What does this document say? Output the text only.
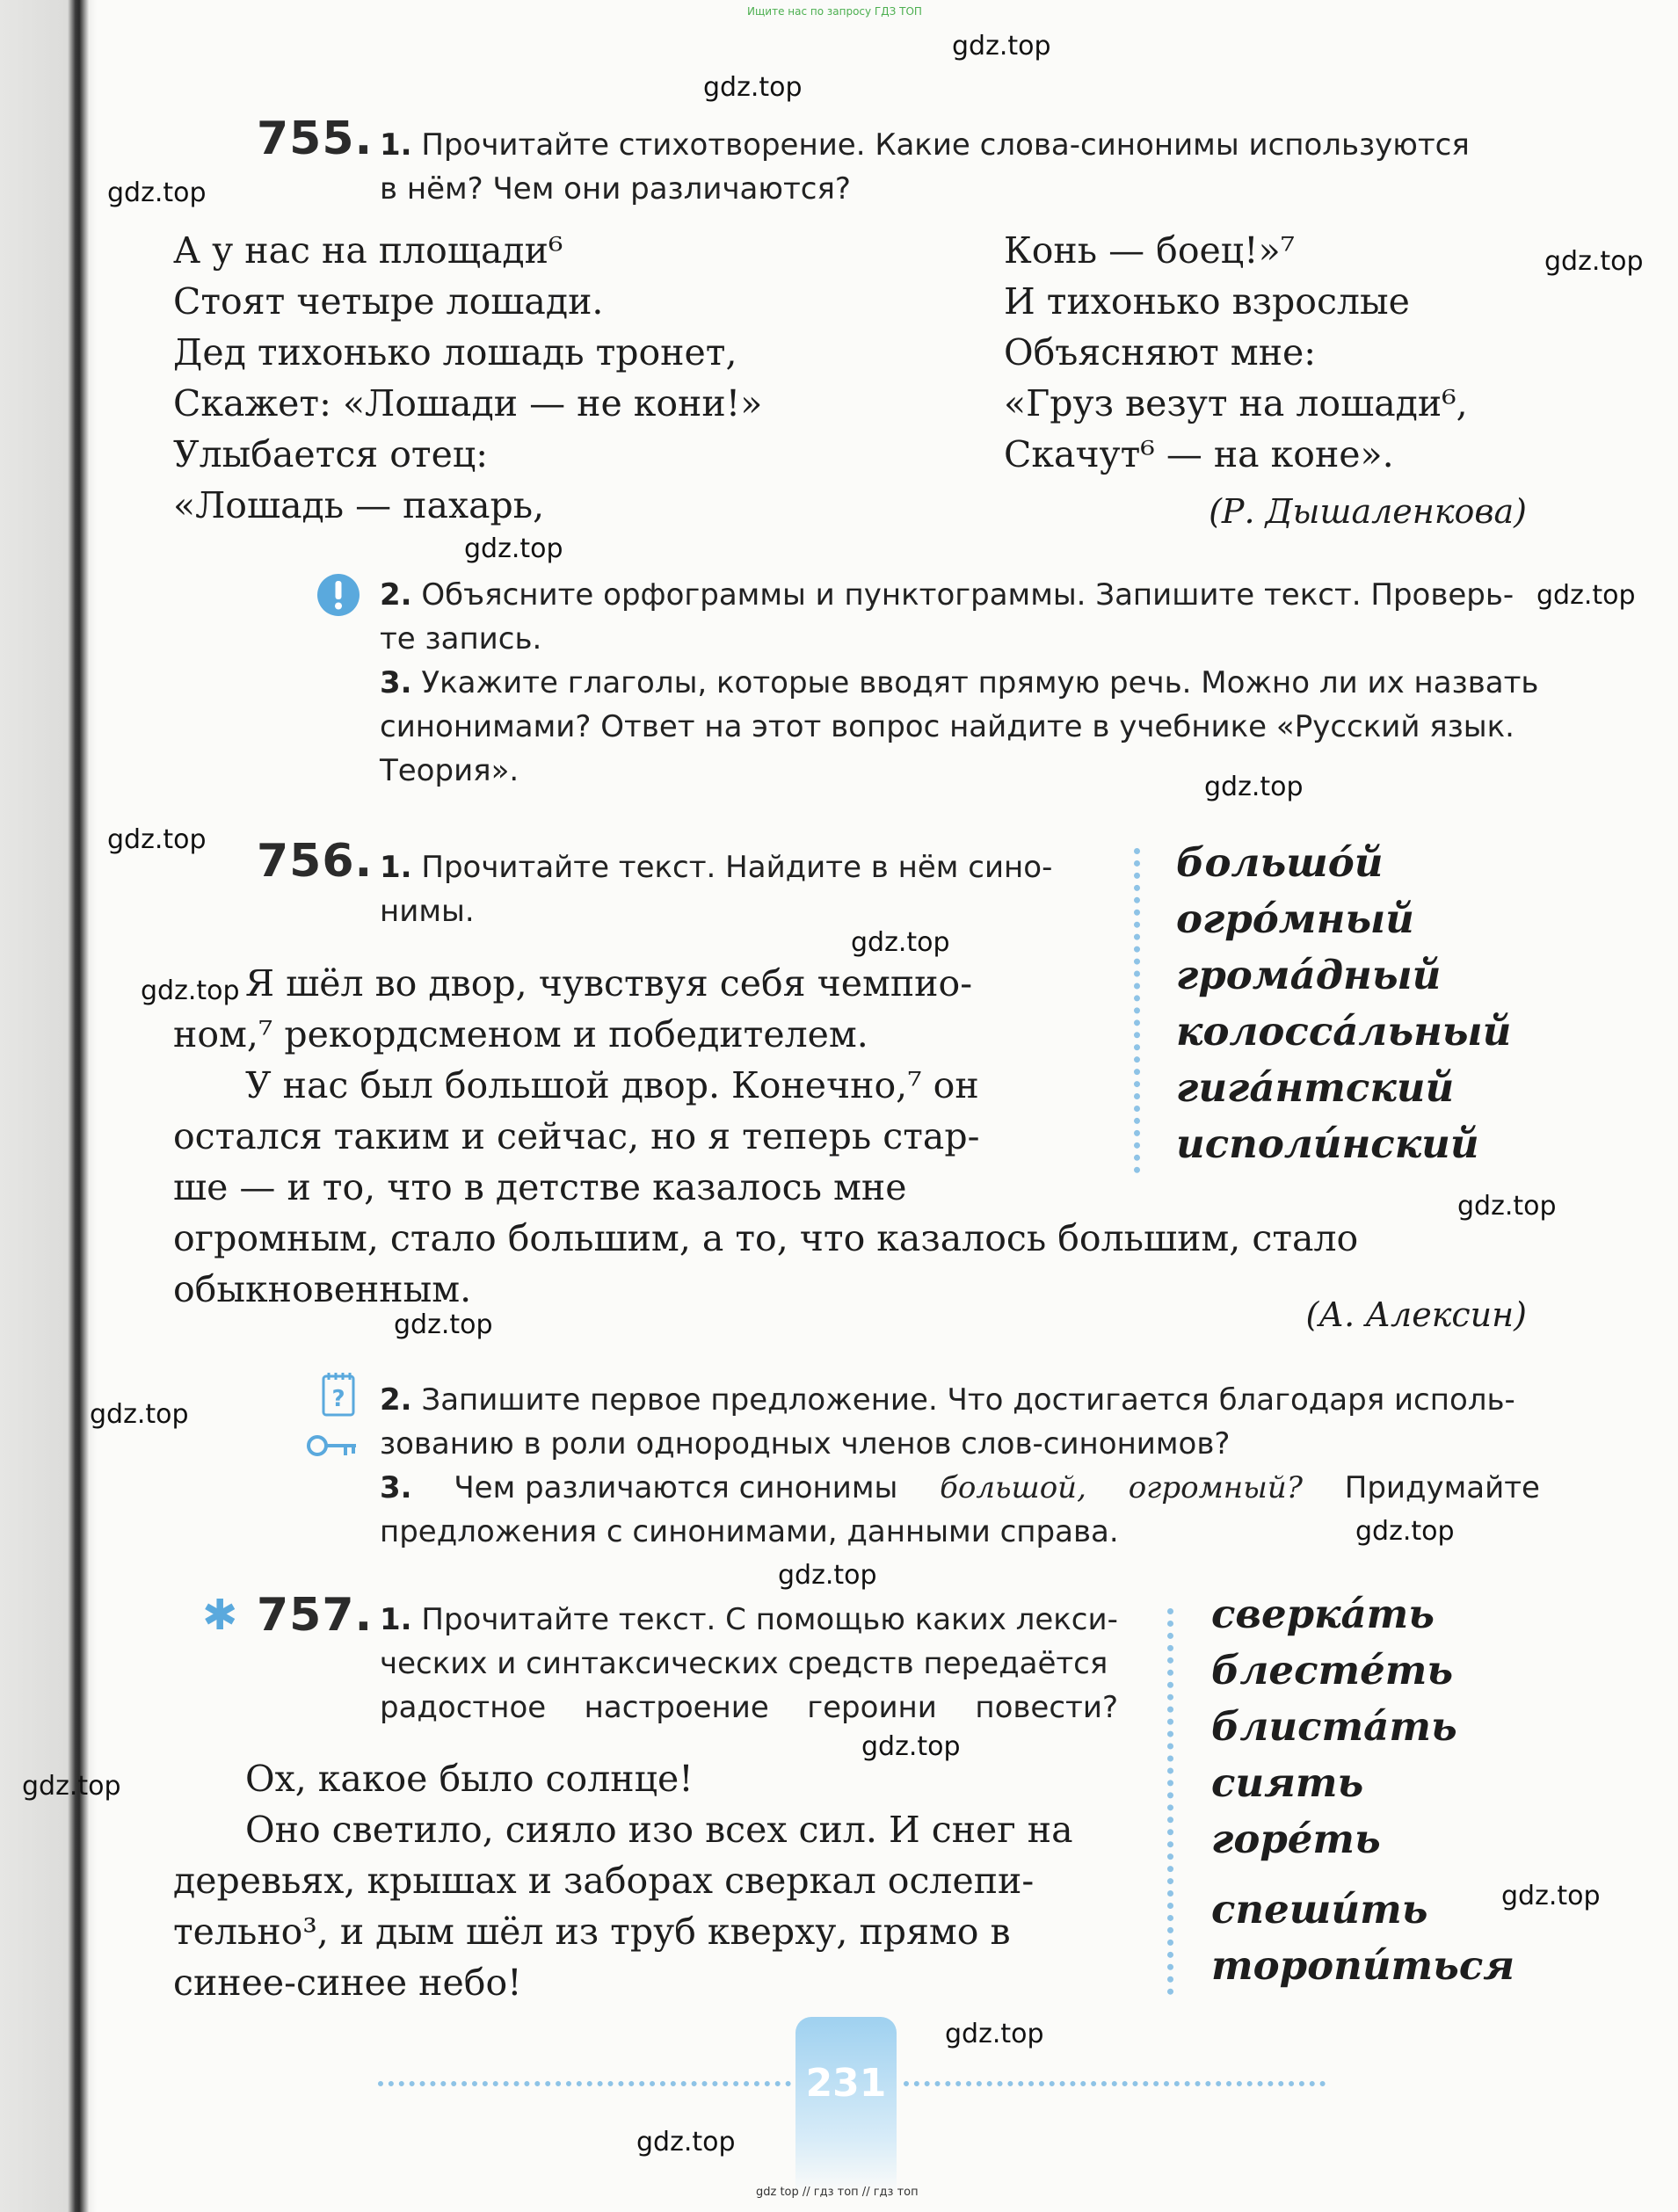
Ищите нас по запросу ГДЗ ТОП
gdz.top
gdz.top
gdz.top
gdz.top
gdz.top
gdz.top
gdz.top
gdz.top
gdz.top
gdz.top
gdz.top
gdz.top
gdz.top
gdz.top
gdz.top
gdz.top
gdz.top
gdz.top
gdz.top
gdz.top
755. 1. Прочитайте стихотворение. Какие слова-синонимы используются
в нём? Чем они различаются?
А у нас на площади⁶
Стоят четыре лошади.
Дед тихонько лошадь тронет,
Скажет: «Лошади — не кони!»
Улыбается отец:
«Лошадь — пахарь,
Конь — боец!»⁷
И тихонько взрослые
Объясняют мне:
«Груз везут на лошади⁶,
Скачут⁶ — на коне».
(Р. Дышаленкова)
2. Объясните орфограммы и пунктограммы. Запишите текст. Проверь-
те запись.
3. Укажите глаголы, которые вводят прямую речь. Можно ли их назвать
синонимами? Ответ на этот вопрос найдите в учебнике «Русский язык.
Теория».
756. 1. Прочитайте текст. Найдите в нём сино-
нимы.
большóй
огрóмный
громáдный
колоссáльный
гигáнтский
исполúнский
Я шёл во двор, чувствуя себя чемпио-
ном,⁷ рекордсменом и победителем.
У нас был большой двор. Конечно,⁷ он
остался таким и сейчас, но я теперь стар-
ше — и то, что в детстве казалось мне
огромным, стало большим, а то, что казалось большим, стало
обыкновенным.
(А. Алексин)
? 2. Запишите первое предложение. Что достигается благодаря исполь-
зованию в роли однородных членов слов-синонимов?
3. Чем различаются синонимы большой, огромный? Придумайте
предложения с синонимами, данными справа.
✱ 757. 1. Прочитайте текст. С помощью каких лекси-
ческих и синтаксических средств передаётся
радостное настроение героини повести?
сверкáть
блестéть
блистáть
сиять
горéть
спешúть
торопúться
Ох, какое было солнце!
Оно светило, сияло изо всех сил. И снег на
деревьях, крышах и заборах сверкал ослепи-
тельно³, и дым шёл из труб кверху, прямо в
синее-синее небо!
231
gdz top // гдз топ // гдз топ
